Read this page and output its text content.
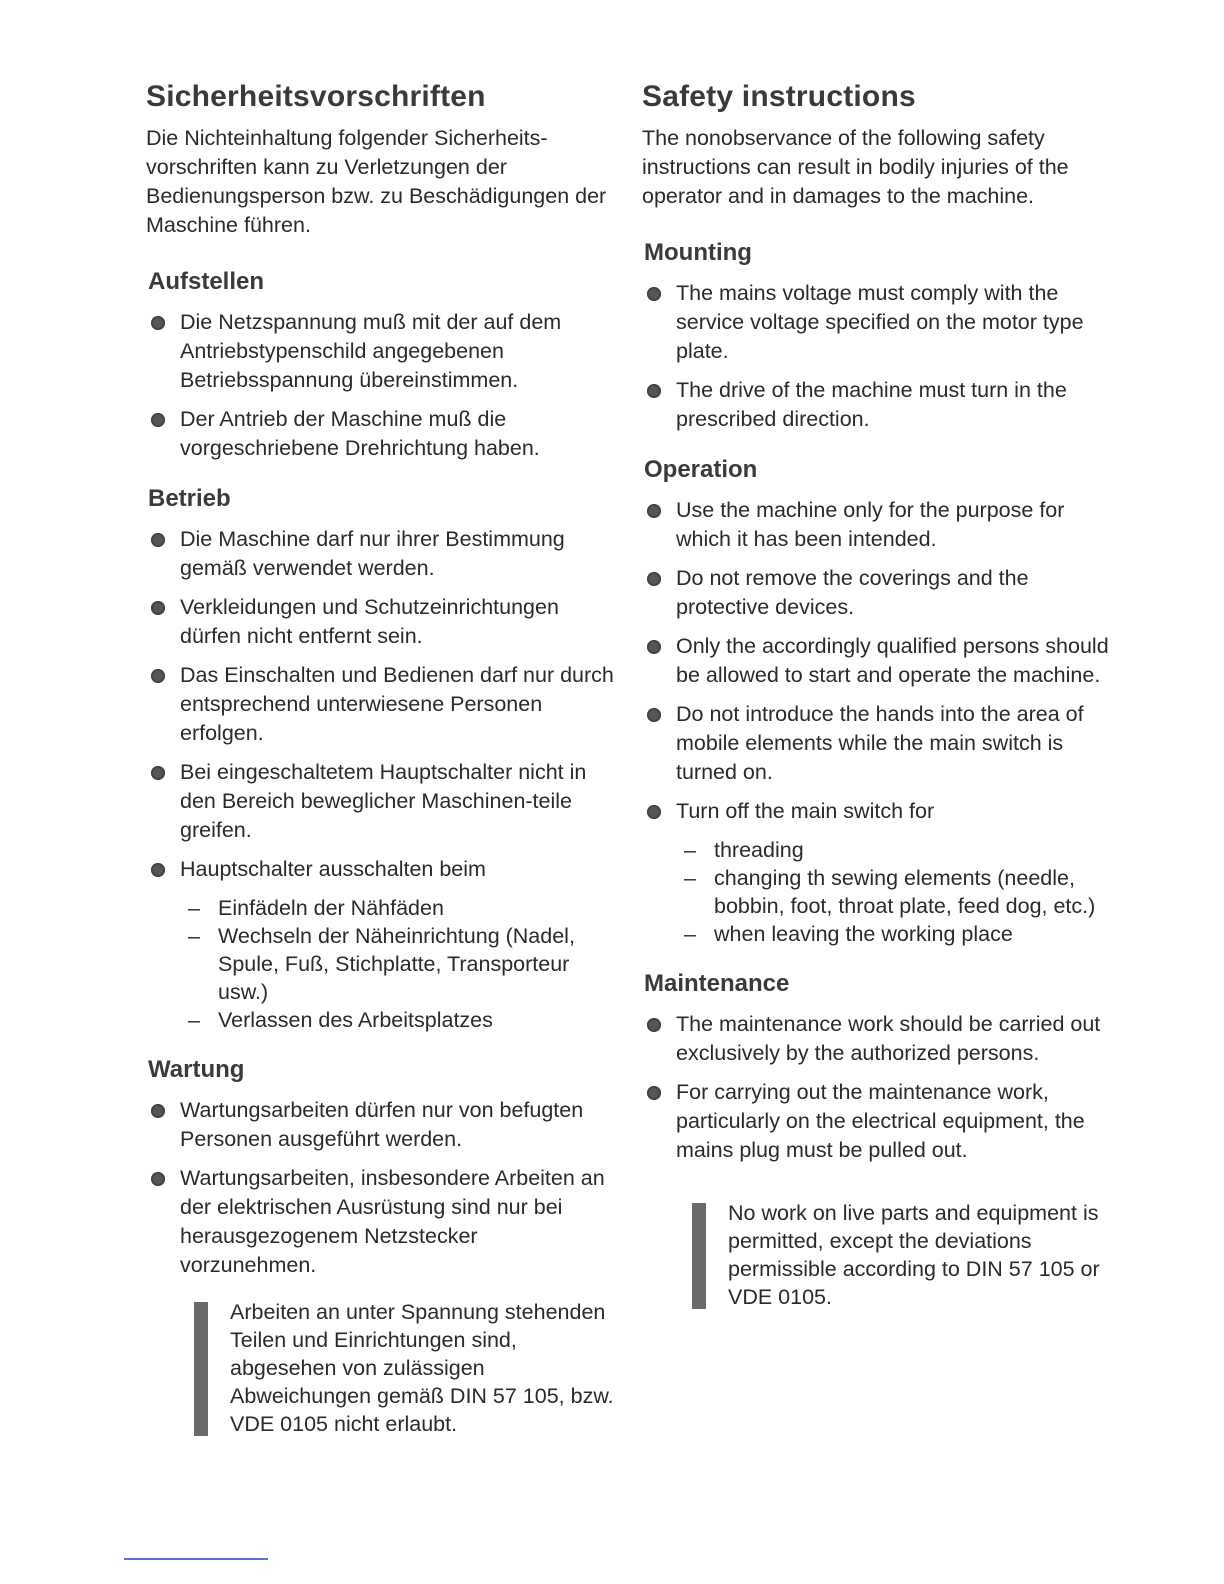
Sicherheitsvorschriften

Die Nichteinhaltung folgender Sicherheits-vorschriften kann zu Verletzungen der Bedienungsperson bzw. zu Beschädigungen der Maschine führen.

Aufstellen
Die Netzspannung muß mit der auf dem Antriebstypenschild angegebenen Betriebsspannung übereinstimmen.
Der Antrieb der Maschine muß die vorgeschriebene Drehrichtung haben.
Betrieb
Die Maschine darf nur ihrer Bestimmung gemäß verwendet werden.
Verkleidungen und Schutzeinrichtungen dürfen nicht entfernt sein.
Das Einschalten und Bedienen darf nur durch entsprechend unterwiesene Personen erfolgen.
Bei eingeschaltetem Hauptschalter nicht in den Bereich beweglicher Maschinen-teile greifen.
Hauptschalter ausschalten beim
– Einfädeln der Nähfäden
– Wechseln der Näheinrichtung (Nadel, Spule, Fuß, Stichplatte, Transporteur usw.)
– Verlassen des Arbeitsplatzes
Wartung
Wartungsarbeiten dürfen nur von befugten Personen ausgeführt werden.
Wartungsarbeiten, insbesondere Arbeiten an der elektrischen Ausrüstung sind nur bei herausgezogenem Netzstecker vorzunehmen.
Arbeiten an unter Spannung stehenden Teilen und Einrichtungen sind, abgesehen von zulässigen Abweichungen gemäß DIN 57 105, bzw. VDE 0105 nicht erlaubt.
Safety instructions

The nonobservance of the following safety instructions can result in bodily injuries of the operator and in damages to the machine.

Mounting
The mains voltage must comply with the service voltage specified on the motor type plate.
The drive of the machine must turn in the prescribed direction.
Operation
Use the machine only for the purpose for which it has been intended.
Do not remove the coverings and the protective devices.
Only the accordingly qualified persons should be allowed to start and operate the machine.
Do not introduce the hands into the area of mobile elements while the main switch is turned on.
Turn off the main switch for
– threading
– changing th sewing elements (needle, bobbin, foot, throat plate, feed dog, etc.)
– when leaving the working place
Maintenance
The maintenance work should be carried out exclusively by the authorized persons.
For carrying out the maintenance work, particularly on the electrical equipment, the mains plug must be pulled out.
No work on live parts and equipment is permitted, except the deviations permissible according to DIN 57 105 or VDE 0105.
